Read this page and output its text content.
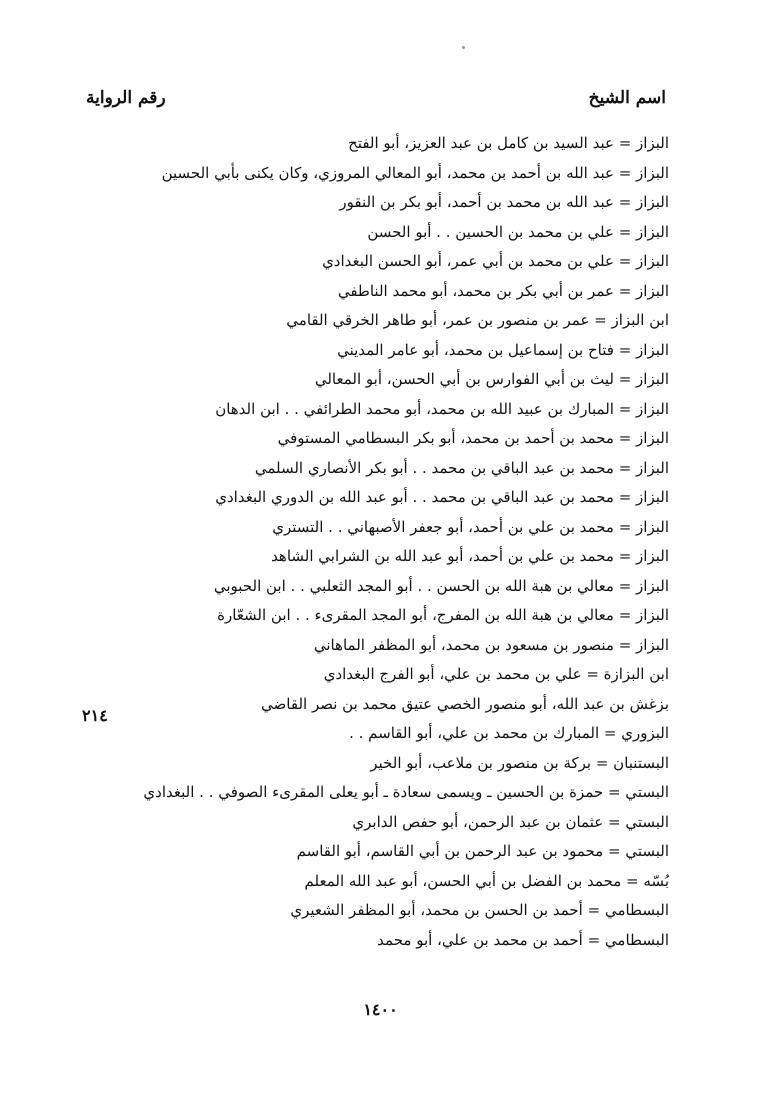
اسم الشيخ
رقم الرواية
البزاز = عبد السيد بن كامل بن عبد العزيز، أبو الفتح
البزاز = عبد الله بن أحمد بن محمد، أبو المعالي المروزي، وكان يكنى بأبي الحسين
البزاز = عبد الله بن محمد بن أحمد، أبو بكر بن النقور
البزاز = علي بن محمد بن الحسين . . أبو الحسن
البزاز = علي بن محمد بن أبي عمر، أبو الحسن البغدادي
البزاز = عمر بن أبي بكر بن محمد، أبو محمد الناطفي
ابن البزاز = عمر بن منصور بن عمر، أبو طاهر الخرقي القامي
البزاز = فتاح بن إسماعيل بن محمد، أبو عامر المديني
البزاز = ليث بن أبي الفوارس بن أبي الحسن، أبو المعالي
البزاز = المبارك بن عبيد الله بن محمد، أبو محمد الطرائفي . . ابن الدهان
البزاز = محمد بن أحمد بن محمد، أبو بكر البسطامي المستوفي
البزاز = محمد بن عبد الباقي بن محمد . . أبو بكر الأنصاري السلمي
البزاز = محمد بن عبد الباقي بن محمد . . أبو عبد الله بن الدوري البغدادي
البزاز = محمد بن علي بن أحمد، أبو جعفر الأصبهاني . . التستري
البزاز = محمد بن علي بن أحمد، أبو عبد الله بن الشرابي الشاهد
البزاز = معالي بن هبة الله بن الحسن . . أبو المجد الثعلبي . . ابن الحبوبي
البزاز = معالي بن هبة الله بن المفرج، أبو المجد المقرىء . . ابن الشعّارة
البزاز = منصور بن مسعود بن محمد، أبو المظفر الماهاني
ابن البزازة = علي بن محمد بن علي، أبو الفرج البغدادي
بزغش بن عبد الله، أبو منصور الخصي عتيق محمد بن نصر القاضي
البزوري = المبارك بن محمد بن علي، أبو القاسم . .
البستنبان = بركة بن منصور بن ملاعب، أبو الخير
البستي = حمزة بن الحسين ـ ويسمى سعادة ـ أبو يعلى المقرىء الصوفي . . البغدادي
البستي = عثمان بن عبد الرحمن، أبو حفص الدابري
البستي = محمود بن عبد الرحمن بن أبي القاسم، أبو القاسم
بُسّه = محمد بن الفضل بن أبي الحسن، أبو عبد الله المعلم
البسطامي = أحمد بن الحسن بن محمد، أبو المظفر الشعيري
البسطامي = أحمد بن محمد بن علي، أبو محمد
٢١٤
١٤٠٠
